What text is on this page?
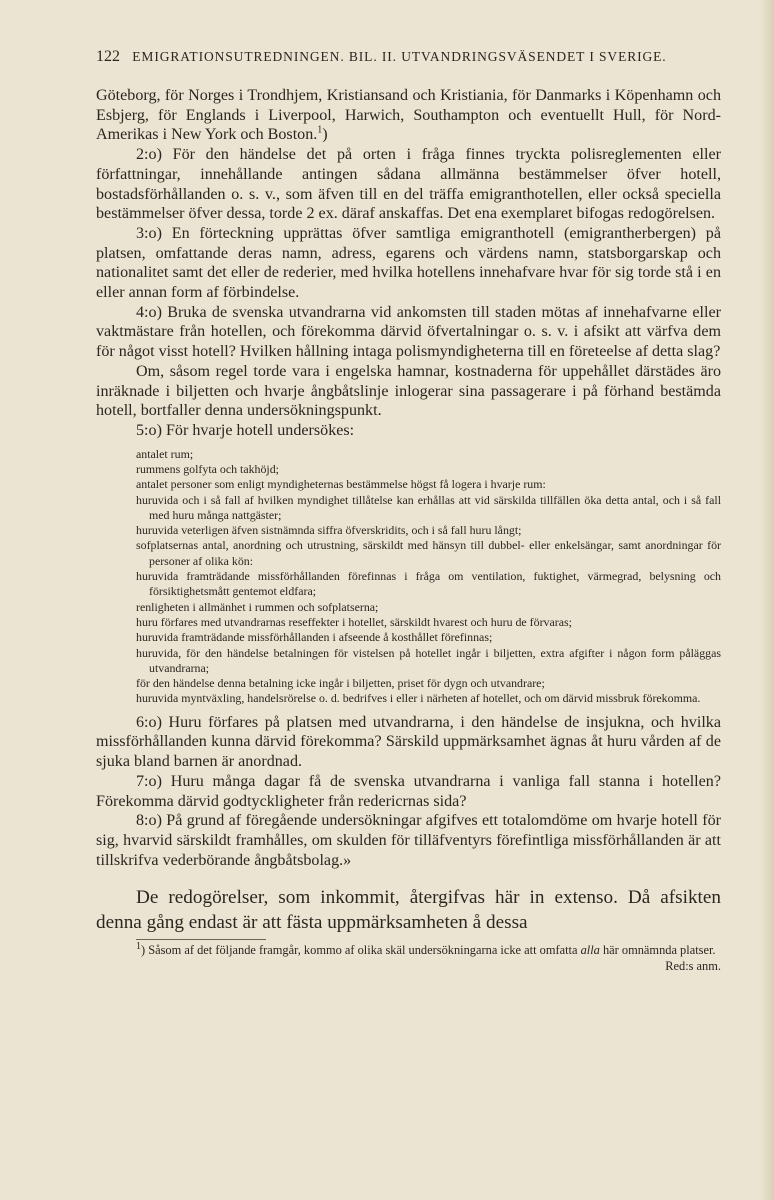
122 EMIGRATIONSUTREDNINGEN. BIL. II. UTVANDRINGSVÄSENDET I SVERIGE.

Göteborg, för Norges i Trondhjem, Kristiansand och Kristiania, för Danmarks i Köpenhamn och Esbjerg, för Englands i Liverpool, Harwich, Southampton och eventuellt Hull, för Nord-Amerikas i New York och Boston.$^1$)

2:o) För den händelse det på orten i fråga finnes tryckta polisreglementen eller författningar, innehållande antingen sådana allmänna bestämmelser öfver hotell, bostadsförhållanden o. s. v., som äfven till en del träffa emigranthotellen, eller också speciella bestämmelser öfver dessa, torde 2 ex. däraf anskaffas. Det ena exemplaret bifogas redogörelsen.

3:o) En förteckning upprättas öfver samtliga emigranthotell (emigrantherbergen) på platsen, omfattande deras namn, adress, egarens och värdens namn, statsborgarskap och nationalitet samt det eller de rederier, med hvilka hotellens innehafvare hvar för sig torde stå i en eller annan form af förbindelse.

4:o) Bruka de svenska utvandrarna vid ankomsten till staden mötas af innehafvarne eller vaktmästare från hotellen, och förekomma därvid öfvertalningar o. s. v. i afsikt att värfva dem för något visst hotell? Hvilken hållning intaga polismyndigheterna till en företeelse af detta slag?

Om, såsom regel torde vara i engelska hamnar, kostnaderna för uppehållet därstädes äro inräknade i biljetten och hvarje ångbåtslinje inlogerar sina passagerare i på förhand bestämda hotell, bortfaller denna undersökningspunkt.

5:o) För hvarje hotell undersökes:

antalet rum;
rummens golfyta och takhöjd;
antalet personer som enligt myndigheternas bestämmelse högst få logera i hvarje rum:
huruvida och i så fall af hvilken myndighet tillåtelse kan erhållas att vid särskilda tillfällen öka detta antal, och i så fall med huru många nattgäster;
huruvida veterligen äfven sistnämnda siffra öfverskridits, och i så fall huru långt;
sofplatsernas antal, anordning och utrustning, särskildt med hänsyn till dubbel- eller enkelsängar, samt anordningar för personer af olika kön:
huruvida framträdande missförhållanden förefinnas i fråga om ventilation, fuktighet, värmegrad, belysning och försiktighetsmått gentemot eldfara;
renligheten i allmänhet i rummen och sofplatserna;
huru förfares med utvandrarnas reseffekter i hotellet, särskildt hvarest och huru de förvaras;
huruvida framträdande missförhållanden i afseende å kosthållet förefinnas;
huruvida, för den händelse betalningen för vistelsen på hotellet ingår i biljetten, extra afgifter i någon form påläggas utvandrarna;
för den händelse denna betalning icke ingår i biljetten, priset för dygn och utvandrare;
huruvida myntväxling, handelsrörelse o. d. bedrifves i eller i närheten af hotellet, och om därvid missbruk förekomma.

6:o) Huru förfares på platsen med utvandrarna, i den händelse de insjukna, och hvilka missförhållanden kunna därvid förekomma? Särskild uppmärksamhet ägnas åt huru vården af de sjuka bland barnen är anordnad.

7:o) Huru många dagar få de svenska utvandrarna i vanliga fall stanna i hotellen? Förekomma därvid godtyckligheter från redericrnas sida?

8:o) På grund af föregående undersökningar afgifves ett totalomdöme om hvarje hotell för sig, hvarvid särskildt framhålles, om skulden för tilläfventyrs förefintliga missförhållanden är att tillskrifva vederbörande ångbåtsbolag.»

De redogörelser, som inkommit, återgifvas här in extenso. Då afsikten denna gång endast är att fästa uppmärksamheten å dessa

$^1$) Såsom af det följande framgår, kommo af olika skäl undersökningarna icke att omfatta alla här omnämnda platser.
Red:s anm.
